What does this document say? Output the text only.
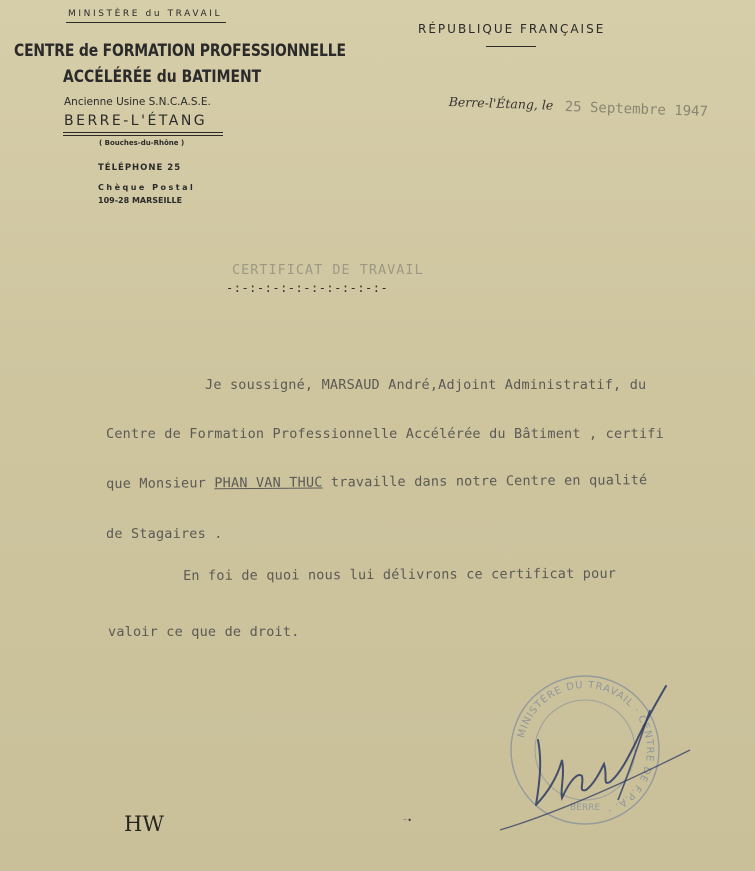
MINISTÈRE du TRAVAIL
CENTRE de FORMATION PROFESSIONNELLE
ACCÉLÉRÉE du BATIMENT
Ancienne Usine S.N.C.A.S.E.
BERRE-L'ÉTANG
( Bouches-du-Rhône )
TÉLÉPHONE 25
Chèque Postal
109-28 MARSEILLE
RÉPUBLIQUE FRANÇAISE
Berre-l'Étang, le 25 Septembre 1947
CERTIFICAT DE TRAVAIL
-:-:-:-:-:-:-:-:-:-:-
Je soussigné, MARSAUD André,Adjoint Administratif, du
Centre de Formation Professionnelle Accélérée du Bâtiment , certifi
que Monsieur PHAN VAN THUC travaille dans notre Centre en qualité
de Stagaires .
En foi de quoi nous lui délivrons ce certificat pour
valoir ce que de droit.
MINISTÈRE DU TRAVAIL · CENTRE DE F.P.A. ·
BERRE
HW	⁻•
